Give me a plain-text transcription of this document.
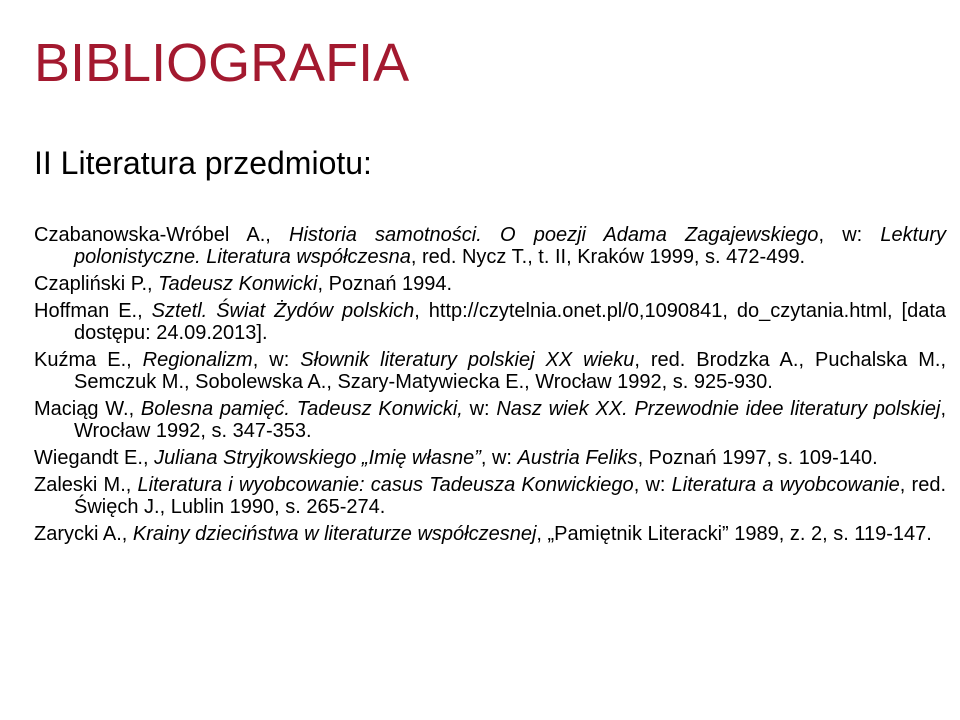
BIBLIOGRAFIA
II Literatura przedmiotu:
Czabanowska-Wróbel A., Historia samotności. O poezji Adama Zagajewskiego, w: Lektury polonistyczne. Literatura współczesna, red. Nycz T., t. II, Kraków 1999, s. 472-499.
Czapliński P., Tadeusz Konwicki, Poznań 1994.
Hoffman E., Sztetl. Świat Żydów polskich, http://czytelnia.onet.pl/0,1090841, do_czytania.html, [data dostępu: 24.09.2013].
Kuźma E., Regionalizm, w: Słownik literatury polskiej XX wieku, red. Brodzka A., Puchalska M., Semczuk M., Sobolewska A., Szary-Matywiecka E., Wrocław 1992, s. 925-930.
Maciąg W., Bolesna pamięć. Tadeusz Konwicki, w: Nasz wiek XX. Przewodnie idee literatury polskiej, Wrocław 1992, s. 347-353.
Wiegandt E., Juliana Stryjkowskiego „Imię własne”, w: Austria Feliks, Poznań 1997, s. 109-140.
Zaleski M., Literatura i wyobcowanie: casus Tadeusza Konwickiego, w: Literatura a wyobcowanie, red. Święch J., Lublin 1990, s. 265-274.
Zarycki A., Krainy dzieciństwa w literaturze współczesnej, „Pamiętnik Literacki” 1989, z. 2, s. 119-147.
